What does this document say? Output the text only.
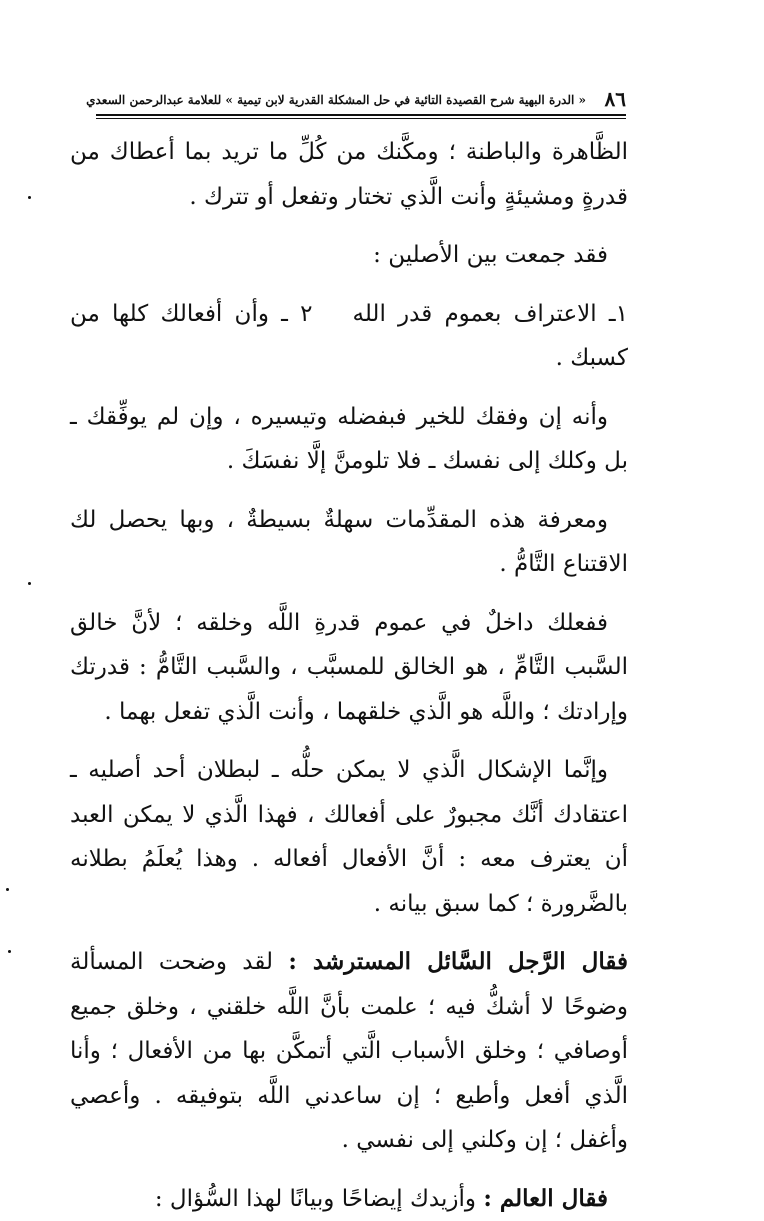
٨٦
« الدرة البهية شرح القصيدة التائية في حل المشكلة القدرية لابن تيمية » للعلامة عبدالرحمن السعدي

الظَّاهرة والباطنة ؛ ومكَّنك من كُلِّ ما تريد بما أعطاك من قدرةٍ ومشيئةٍ وأنت الَّذي تختار وتفعل أو تترك .

فقد جمعت بين الأصلين :

١ـ الاعتراف بعموم قدر الله٢ ـ وأن أفعالك كلها من كسبك .

وأنه إن وفقك للخير فبفضله وتيسيره ، وإن لم يوفِّقك ـ بل وكلك إلى نفسك ـ فلا تلومنَّ إلَّا نفسَكَ .

ومعرفة هذه المقدِّمات سهلةٌ بسيطةٌ ، وبها يحصل لك الاقتناع التَّامُّ .

ففعلك داخلٌ في عموم قدرةِ اللَّه وخلقه ؛ لأنَّ خالق السَّبب التَّامِّ ، هو الخالق للمسبَّب ، والسَّبب التَّامُّ : قدرتك وإرادتك ؛ واللَّه هو الَّذي خلقهما ، وأنت الَّذي تفعل بهما .

وإنَّما الإشكال الَّذي لا يمكن حلُّه ـ لبطلان أحد أصليه ـ اعتقادك أنَّك مجبورٌ على أفعالك ، فهذا الَّذي لا يمكن العبد أن يعترف معه : أنَّ الأفعال أفعاله . وهذا يُعلَمُ بطلانه بالضَّرورة ؛ كما سبق بيانه .

فقال الرَّجل السَّائل المسترشد : لقد وضحت المسألة وضوحًا لا أشكُّ فيه ؛ علمت بأنَّ اللَّه خلقني ، وخلق جميع أوصافي ؛ وخلق الأسباب الَّتي أتمكَّن بها من الأفعال ؛ وأنا الَّذي أفعل وأطيع ؛ إن ساعدني اللَّه بتوفيقه . وأعصي وأغفل ؛ إن وكلني إلى نفسي .

فقال العالم : وأزيدك إيضاحًا وبيانًا لهذا السُّؤال :
